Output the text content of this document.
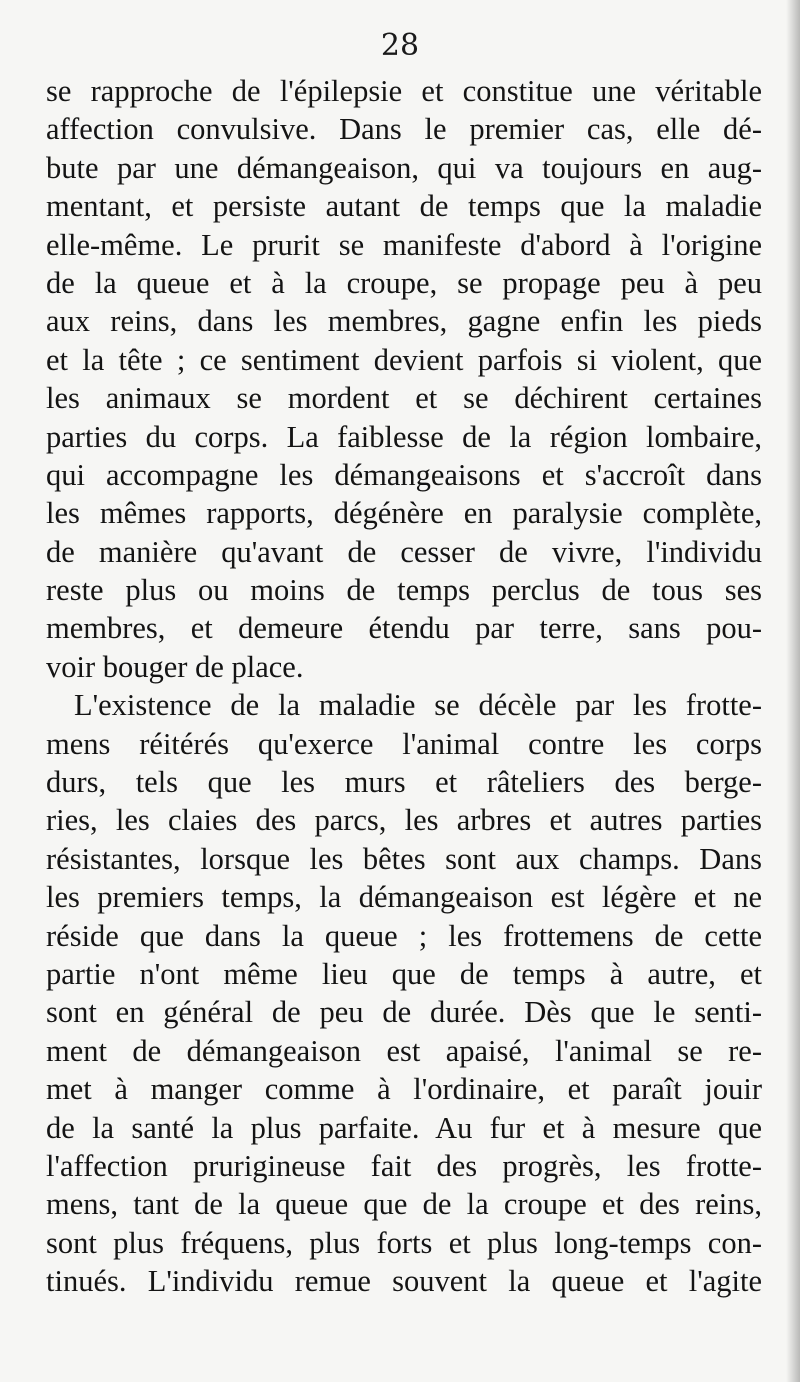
28
se rapproche de l'épilepsie et constitue une véritable
affection convulsive. Dans le premier cas, elle dé-
bute par une démangeaison, qui va toujours en aug-
mentant, et persiste autant de temps que la maladie
elle-même. Le prurit se manifeste d'abord à l'origine
de la queue et à la croupe, se propage peu à peu
aux reins, dans les membres, gagne enfin les pieds
et la tête ; ce sentiment devient parfois si violent, que
les animaux se mordent et se déchirent certaines
parties du corps. La faiblesse de la région lombaire,
qui accompagne les démangeaisons et s'accroît dans
les mêmes rapports, dégénère en paralysie complète,
de manière qu'avant de cesser de vivre, l'individu
reste plus ou moins de temps perclus de tous ses
membres, et demeure étendu par terre, sans pou-
voir bouger de place.
L'existence de la maladie se décèle par les frotte-
mens réitérés qu'exerce l'animal contre les corps
durs, tels que les murs et râteliers des berge-
ries, les claies des parcs, les arbres et autres parties
résistantes, lorsque les bêtes sont aux champs. Dans
les premiers temps, la démangeaison est légère et ne
réside que dans la queue ; les frottemens de cette
partie n'ont même lieu que de temps à autre, et
sont en général de peu de durée. Dès que le senti-
ment de démangeaison est apaisé, l'animal se re-
met à manger comme à l'ordinaire, et paraît jouir
de la santé la plus parfaite. Au fur et à mesure que
l'affection prurigineuse fait des progrès, les frotte-
mens, tant de la queue que de la croupe et des reins,
sont plus fréquens, plus forts et plus long-temps con-
tinués. L'individu remue souvent la queue et l'agite
